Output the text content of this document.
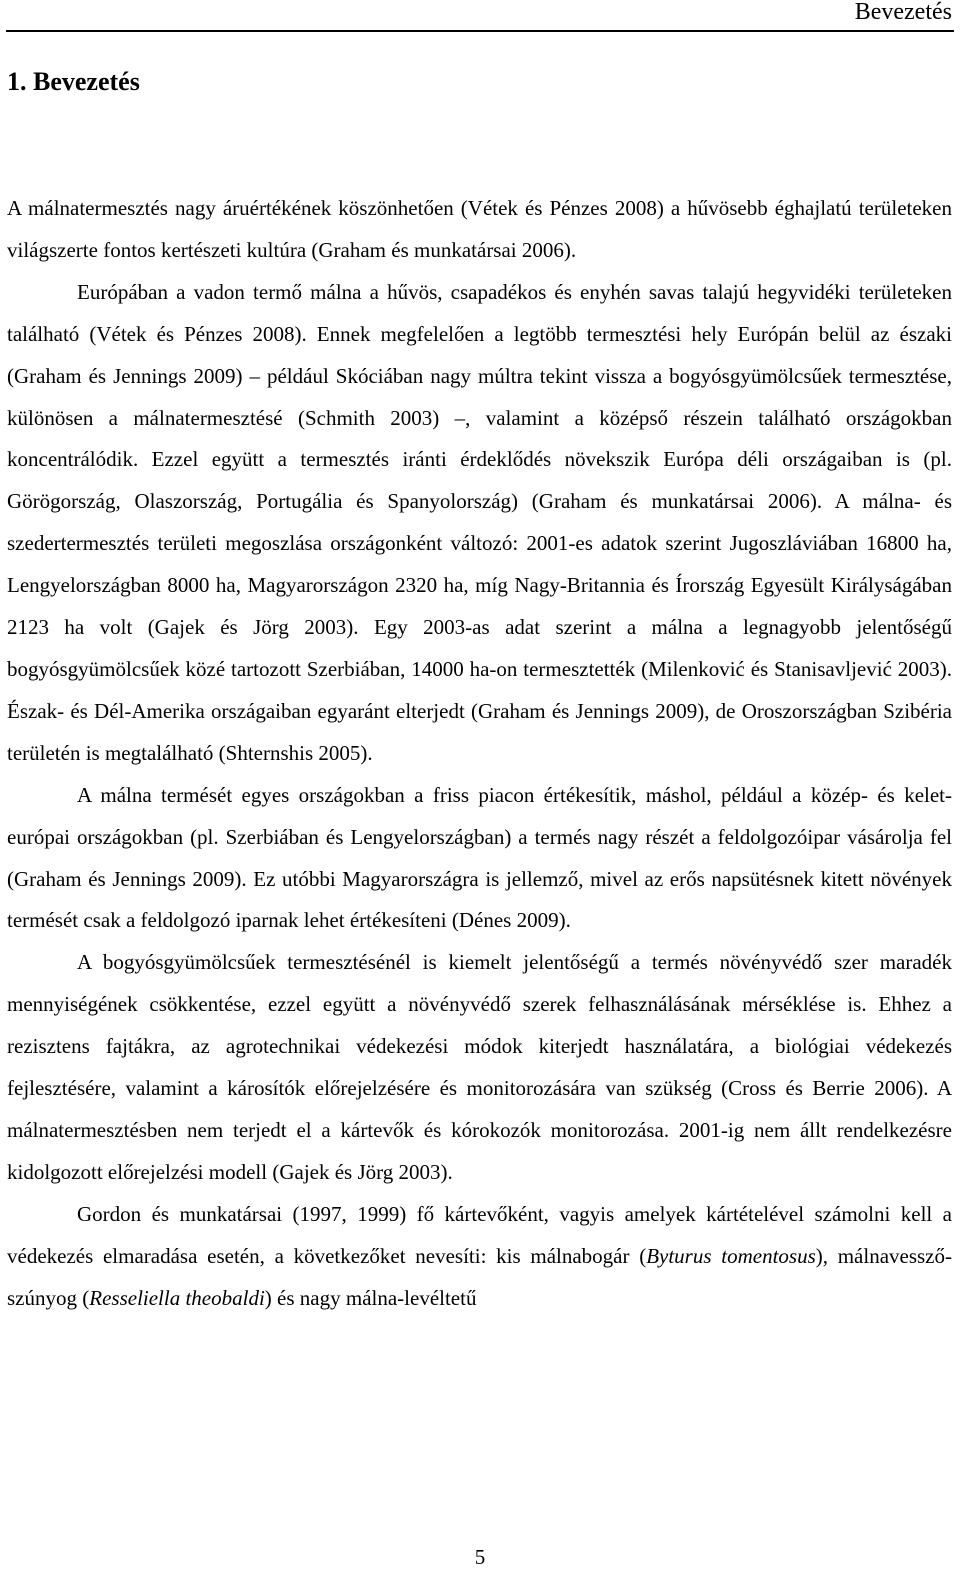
Bevezetés
1. Bevezetés

A málnatermesztés nagy áruértékének köszönhetően (Vétek és Pénzes 2008) a hűvösebb éghajlatú területeken világszerte fontos kertészeti kultúra (Graham és munkatársai 2006).

Európában a vadon termő málna a hűvös, csapadékos és enyhén savas talajú hegyvidéki területeken található (Vétek és Pénzes 2008). Ennek megfelelően a legtöbb termesztési hely Európán belül az északi (Graham és Jennings 2009) – például Skóciában nagy múltra tekint vissza a bogyósgyümölcsűek termesztése, különösen a málnatermesztésé (Schmith 2003) –, valamint a középső részein található országokban koncentrálódik. Ezzel együtt a termesztés iránti érdeklődés növekszik Európa déli országaiban is (pl. Görögország, Olaszország, Portugália és Spanyolország) (Graham és munkatársai 2006). A málna- és szedertermesztés területi megoszlása országonként változó: 2001-es adatok szerint Jugoszláviában 16800 ha, Lengyelországban 8000 ha, Magyarországon 2320 ha, míg Nagy-Britannia és Írország Egyesült Királyságában 2123 ha volt (Gajek és Jörg 2003). Egy 2003-as adat szerint a málna a legnagyobb jelentőségű bogyósgyümölcsűek közé tartozott Szerbiában, 14000 ha-on termesztették (Milenković és Stanisavljević 2003). Észak- és Dél-Amerika országaiban egyaránt elterjedt (Graham és Jennings 2009), de Oroszországban Szibéria területén is megtalálható (Shternshis 2005).

A málna termését egyes országokban a friss piacon értékesítik, máshol, például a közép- és kelet-európai országokban (pl. Szerbiában és Lengyelországban) a termés nagy részét a feldolgozóipar vásárolja fel (Graham és Jennings 2009). Ez utóbbi Magyarországra is jellemző, mivel az erős napsütésnek kitett növények termését csak a feldolgozó iparnak lehet értékesíteni (Dénes 2009).

A bogyósgyümölcsűek termesztésénél is kiemelt jelentőségű a termés növényvédő szer maradék mennyiségének csökkentése, ezzel együtt a növényvédő szerek felhasználásának mérséklése is. Ehhez a rezisztens fajtákra, az agrotechnikai védekezési módok kiterjedt használatára, a biológiai védekezés fejlesztésére, valamint a károsítók előrejelzésére és monitorozására van szükség (Cross és Berrie 2006). A málnatermesztésben nem terjedt el a kártevők és kórokozók monitorozása. 2001-ig nem állt rendelkezésre kidolgozott előrejelzési modell (Gajek és Jörg 2003).

Gordon és munkatársai (1997, 1999) fő kártevőként, vagyis amelyek kártételével számolni kell a védekezés elmaradása esetén, a következőket nevesíti: kis málnabogár (Byturus tomentosus), málnavessző-szúnyog (Resseliella theobaldi) és nagy málna-levéltetű

5
